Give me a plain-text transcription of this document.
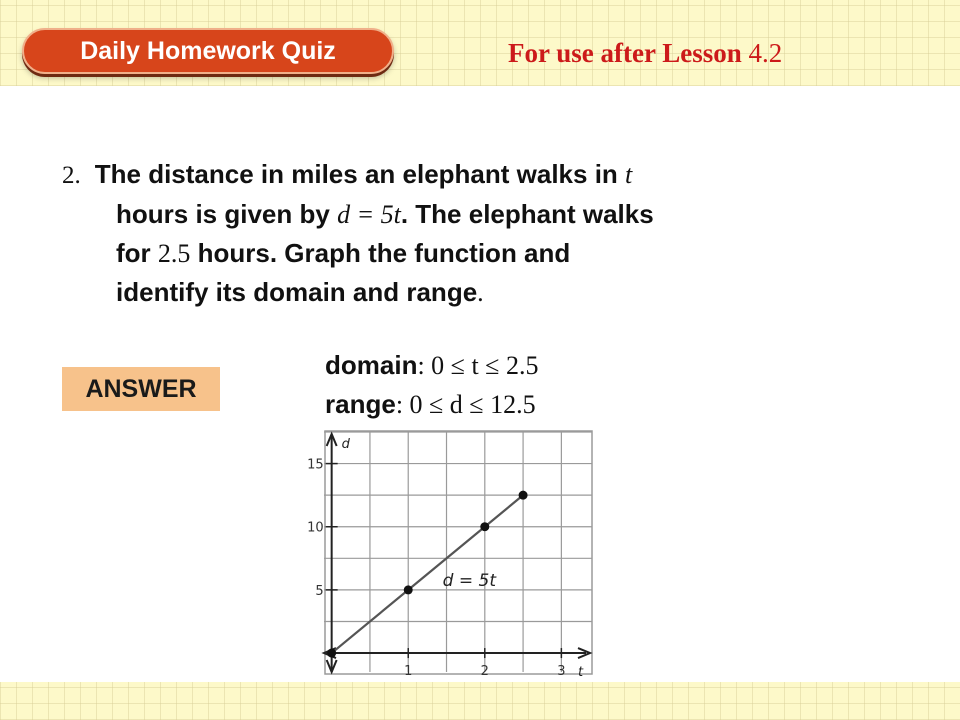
Daily Homework Quiz	For use after Lesson 4.2
2. The distance in miles an elephant walks in t
hours is given by d = 5t. The elephant walks
for 2.5 hours. Graph the function and
identify its domain and range.
ANSWER
domain: 0 ≤ t ≤ 2.5
range: 0 ≤ d ≤ 12.5
d
t
1	2	3
5
10
15
d = 5t
